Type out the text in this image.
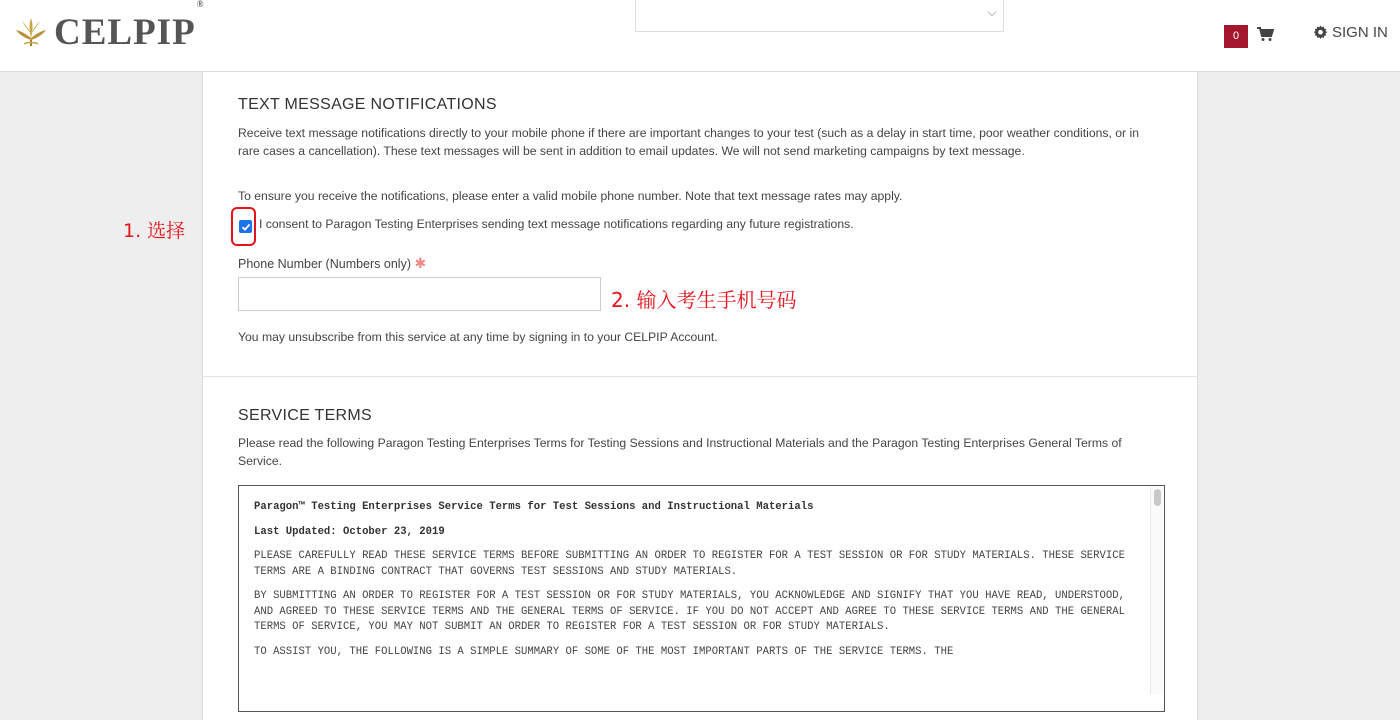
CELPIP®
0	SIGN IN
TEXT MESSAGE NOTIFICATIONS
Receive text message notifications directly to your mobile phone if there are important changes to your test (such as a delay in start time, poor weather conditions, or in rare cases a cancellation). These text messages will be sent in addition to email updates. We will not send marketing campaigns by text message.
To ensure you receive the notifications, please enter a valid mobile phone number. Note that text message rates may apply.
I consent to Paragon Testing Enterprises sending text message notifications regarding any future registrations.
Phone Number (Numbers only) ✱
You may unsubscribe from this service at any time by signing in to your CELPIP Account.
SERVICE TERMS
Please read the following Paragon Testing Enterprises Terms for Testing Sessions and Instructional Materials and the Paragon Testing Enterprises General Terms of Service.

Paragon™ Testing Enterprises Service Terms for Test Sessions and Instructional Materials

Last Updated: October 23, 2019

PLEASE CAREFULLY READ THESE SERVICE TERMS BEFORE SUBMITTING AN ORDER TO REGISTER FOR A TEST SESSION OR FOR STUDY MATERIALS. THESE SERVICE TERMS ARE A BINDING CONTRACT THAT GOVERNS TEST SESSIONS AND STUDY MATERIALS.

BY SUBMITTING AN ORDER TO REGISTER FOR A TEST SESSION OR FOR STUDY MATERIALS, YOU ACKNOWLEDGE AND SIGNIFY THAT YOU HAVE READ, UNDERSTOOD, AND AGREED TO THESE SERVICE TERMS AND THE GENERAL TERMS OF SERVICE. IF YOU DO NOT ACCEPT AND AGREE TO THESE SERVICE TERMS AND THE GENERAL TERMS OF SERVICE, YOU MAY NOT SUBMIT AN ORDER TO REGISTER FOR A TEST SESSION OR FOR STUDY MATERIALS.

TO ASSIST YOU, THE FOLLOWING IS A SIMPLE SUMMARY OF SOME OF THE MOST IMPORTANT PARTS OF THE SERVICE TERMS. THE

1. 选择
2. 输入考生手机号码
